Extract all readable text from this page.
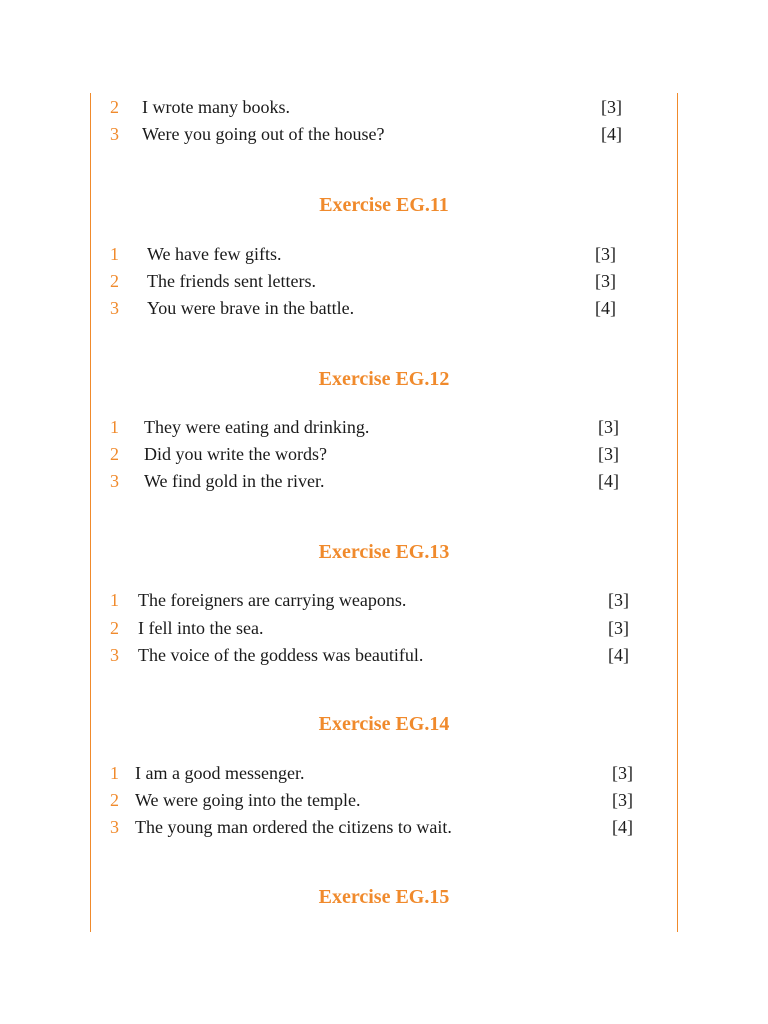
2 I wrote many books.	[3]
3 Were you going out of the house?	[4]
Exercise EG.11
1 We have few gifts.	[3]
2 The friends sent letters.	[3]
3 You were brave in the battle.	[4]
Exercise EG.12
1 They were eating and drinking.	[3]
2 Did you write the words?	[3]
3 We find gold in the river.	[4]
Exercise EG.13
1 The foreigners are carrying weapons.	[3]
2 I fell into the sea.	[3]
3 The voice of the goddess was beautiful.	[4]
Exercise EG.14
1 I am a good messenger.	[3]
2 We were going into the temple.	[3]
3 The young man ordered the citizens to wait.	[4]
Exercise EG.15
